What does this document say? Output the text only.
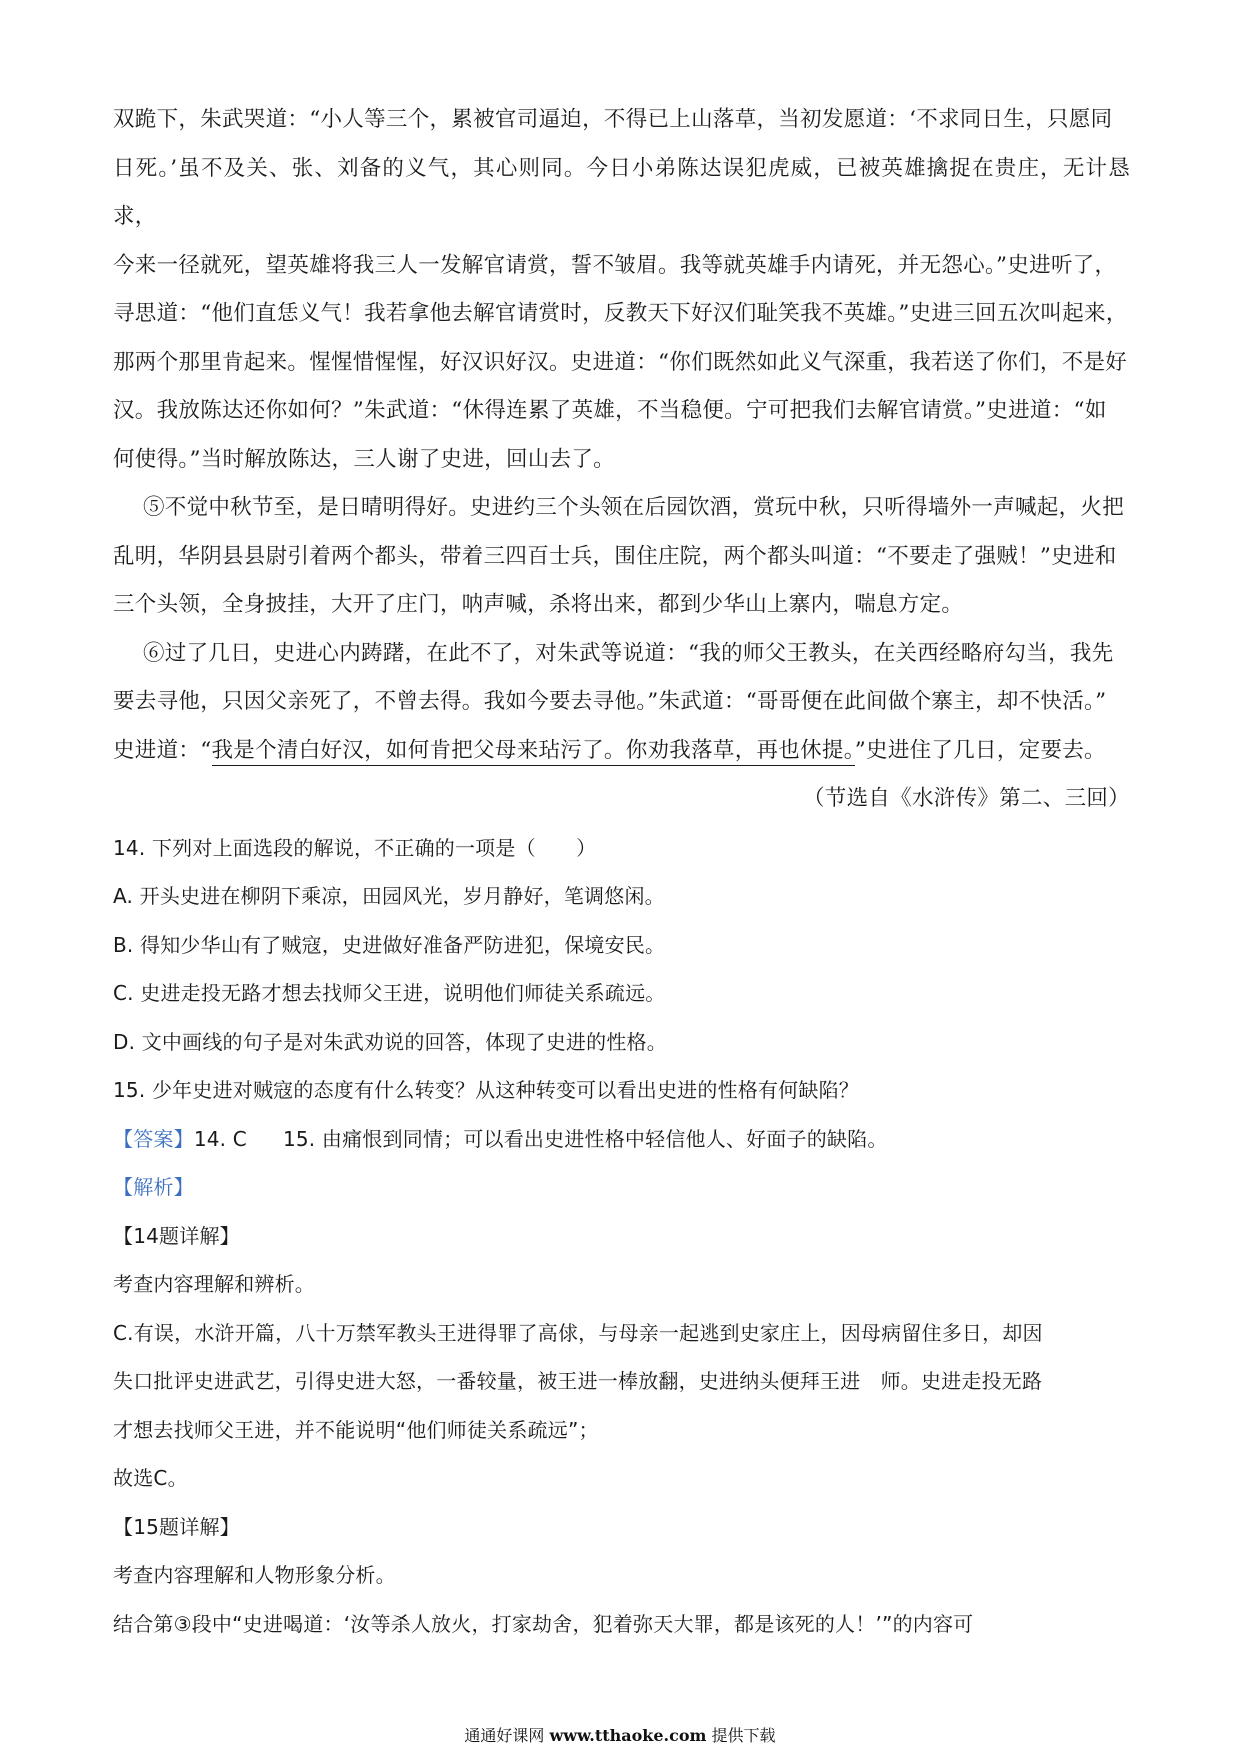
双跪下，朱武哭道：“小人等三个，累被官司逼迫，不得已上山落草，当初发愿道：‘不求同日生，只愿同

日死。’虽不及关、张、刘备的义气，其心则同。今日小弟陈达误犯虎威，已被英雄擒捉在贵庄，无计恳求，

今来一径就死，望英雄将我三人一发解官请赏，誓不皱眉。我等就英雄手内请死，并无怨心。”史进听了，

寻思道：“他们直恁义气！我若拿他去解官请赏时，反教天下好汉们耻笑我不英雄。”史进三回五次叫起来，

那两个那里肯起来。惺惺惜惺惺，好汉识好汉。史进道：“你们既然如此义气深重，我若送了你们，不是好

汉。我放陈达还你如何？”朱武道：“休得连累了英雄，不当稳便。宁可把我们去解官请赏。”史进道：“如

何使得。”当时解放陈达，三人谢了史进，回山去了。

⑤不觉中秋节至，是日晴明得好。史进约三个头领在后园饮酒，赏玩中秋，只听得墙外一声喊起，火把

乱明，华阴县县尉引着两个都头，带着三四百士兵，围住庄院，两个都头叫道：“不要走了强贼！”史进和

三个头领，全身披挂，大开了庄门，呐声喊，杀将出来，都到少华山上寨内，喘息方定。

⑥过了几日，史进心内踌躇，在此不了，对朱武等说道：“我的师父王教头，在关西经略府勾当，我先

要去寻他，只因父亲死了，不曾去得。我如今要去寻他。”朱武道：“哥哥便在此间做个寨主，却不快活。”

史进道：“我是个清白好汉，如何肯把父母来玷污了。你劝我落草，再也休提。”史进住了几日，定要去。

（节选自《水浒传》第二、三回）

14. 下列对上面选段的解说，不正确的一项是（　　）

A. 开头史进在柳阴下乘凉，田园风光，岁月静好，笔调悠闲。

B. 得知少华山有了贼寇，史进做好准备严防进犯，保境安民。

C. 史进走投无路才想去找师父王进，说明他们师徒关系疏远。

D. 文中画线的句子是对朱武劝说的回答，体现了史进的性格。

15. 少年史进对贼寇的态度有什么转变？从这种转变可以看出史进的性格有何缺陷？

【答案】14. C 15. 由痛恨到同情；可以看出史进性格中轻信他人、好面子的缺陷。

【解析】

【14题详解】

考查内容理解和辨析。

C.有误，水浒开篇，八十万禁军教头王进得罪了高俅，与母亲一起逃到史家庄上，因母病留住多日，却因

失口批评史进武艺，引得史进大怒，一番较量，被王进一棒放翻，史进纳头便拜王进　师。史进走投无路

才想去找师父王进，并不能说明“他们师徒关系疏远”；

故选C。

【15题详解】

考查内容理解和人物形象分析。

结合第③段中“史进喝道：‘汝等杀人放火，打家劫舍，犯着弥天大罪，都是该死的人！’”的内容可

通通好课网 www.tthaoke.com 提供下载
